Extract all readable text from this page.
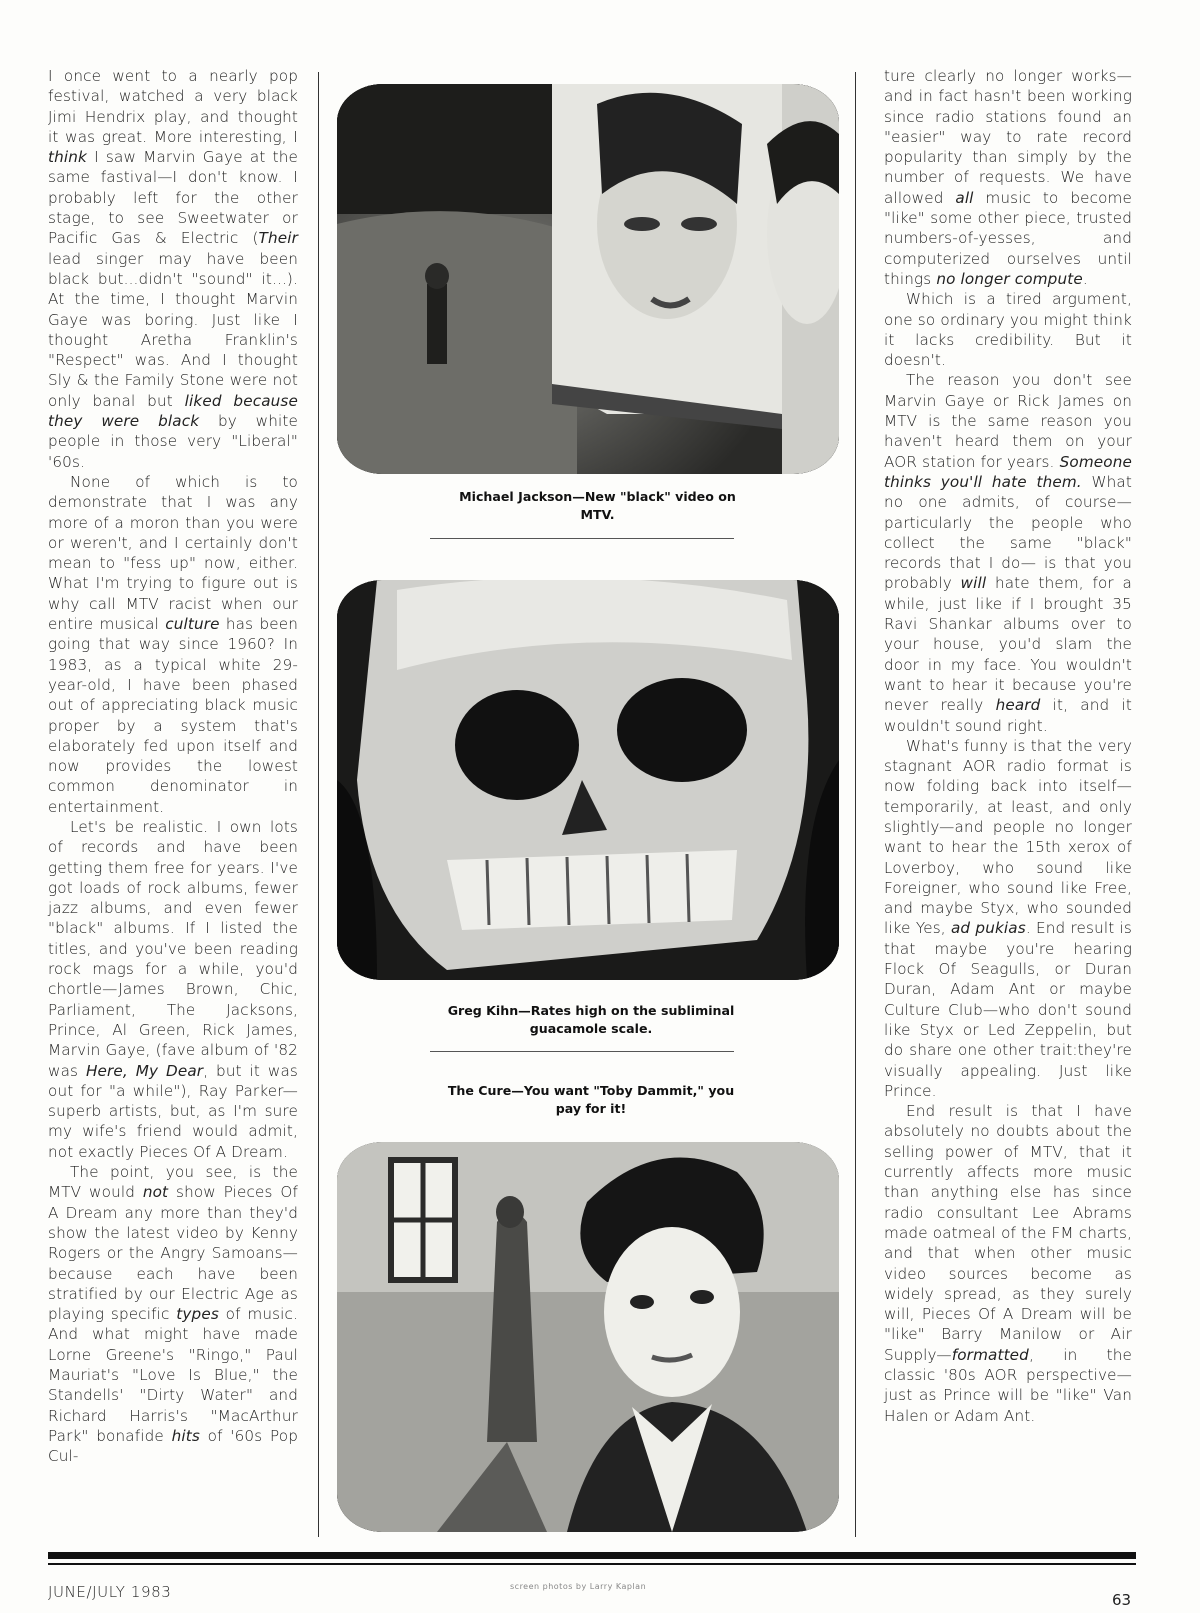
I once went to a nearly pop festival, watched a very black Jimi Hendrix play, and thought it was great. More interesting, I think I saw Marvin Gaye at the same fastival—I don't know. I probably left for the other stage, to see Sweetwater or Pacific Gas & Electric (Their lead singer may have been black but...didn't "sound" it...). At the time, I thought Marvin Gaye was boring. Just like I thought Aretha Franklin's "Respect" was. And I thought Sly & the Family Stone were not only banal but liked because they were black by white people in those very "Liberal" '60s.

None of which is to demonstrate that I was any more of a moron than you were or weren't, and I certainly don't mean to "fess up" now, either. What I'm trying to figure out is why call MTV racist when our entire musical culture has been going that way since 1960? In 1983, as a typical white 29-year-old, I have been phased out of appreciating black music proper by a system that's elaborately fed upon itself and now provides the lowest common denominator in entertainment.

Let's be realistic. I own lots of records and have been getting them free for years. I've got loads of rock albums, fewer jazz albums, and even fewer "black" albums. If I listed the titles, and you've been reading rock mags for a while, you'd chortle—James Brown, Chic, Parliament, The Jacksons, Prince, Al Green, Rick James, Marvin Gaye, (fave album of '82 was Here, My Dear, but it was out for "a while"), Ray Parker—superb artists, but, as I'm sure my wife's friend would admit, not exactly Pieces Of A Dream.

The point, you see, is the MTV would not show Pieces Of A Dream any more than they'd show the latest video by Kenny Rogers or the Angry Samoans—because each have been stratified by our Electric Age as playing specific types of music. And what might have made Lorne Greene's "Ringo," Paul Mauriat's "Love Is Blue," the Standells' "Dirty Water" and Richard Harris's "MacArthur Park" bonafide hits of '60s Pop Cul-

Michael Jackson—New "black" video on MTV.
Greg Kihn—Rates high on the subliminal guacamole scale.
The Cure—You want "Toby Dammit," you pay for it!

ture clearly no longer works—and in fact hasn't been working since radio stations found an "easier" way to rate record popularity than simply by the number of requests. We have allowed all music to become "like" some other piece, trusted numbers-of-yesses, and computerized ourselves until things no longer compute.

Which is a tired argument, one so ordinary you might think it lacks credibility. But it doesn't.

The reason you don't see Marvin Gaye or Rick James on MTV is the same reason you haven't heard them on your AOR station for years. Someone thinks you'll hate them. What no one admits, of course—particularly the people who collect the same "black" records that I do— is that you probably will hate them, for a while, just like if I brought 35 Ravi Shankar albums over to your house, you'd slam the door in my face. You wouldn't want to hear it because you're never really heard it, and it wouldn't sound right.

What's funny is that the very stagnant AOR radio format is now folding back into itself—temporarily, at least, and only slightly—and people no longer want to hear the 15th xerox of Loverboy, who sound like Foreigner, who sound like Free, and maybe Styx, who sounded like Yes, ad pukias. End result is that maybe you're hearing Flock Of Seagulls, or Duran Duran, Adam Ant or maybe Culture Club—who don't sound like Styx or Led Zeppelin, but do share one other trait:they're visually appealing. Just like Prince.

End result is that I have absolutely no doubts about the selling power of MTV, that it currently affects more music than anything else has since radio consultant Lee Abrams made oatmeal of the FM charts, and that when other music video sources become as widely spread, as they surely will, Pieces Of A Dream will be "like" Barry Manilow or Air Supply—formatted, in the classic '80s AOR perspective—just as Prince will be "like" Van Halen or Adam Ant.

JUNE/JULY 1983	screen photos by Larry Kaplan
63
